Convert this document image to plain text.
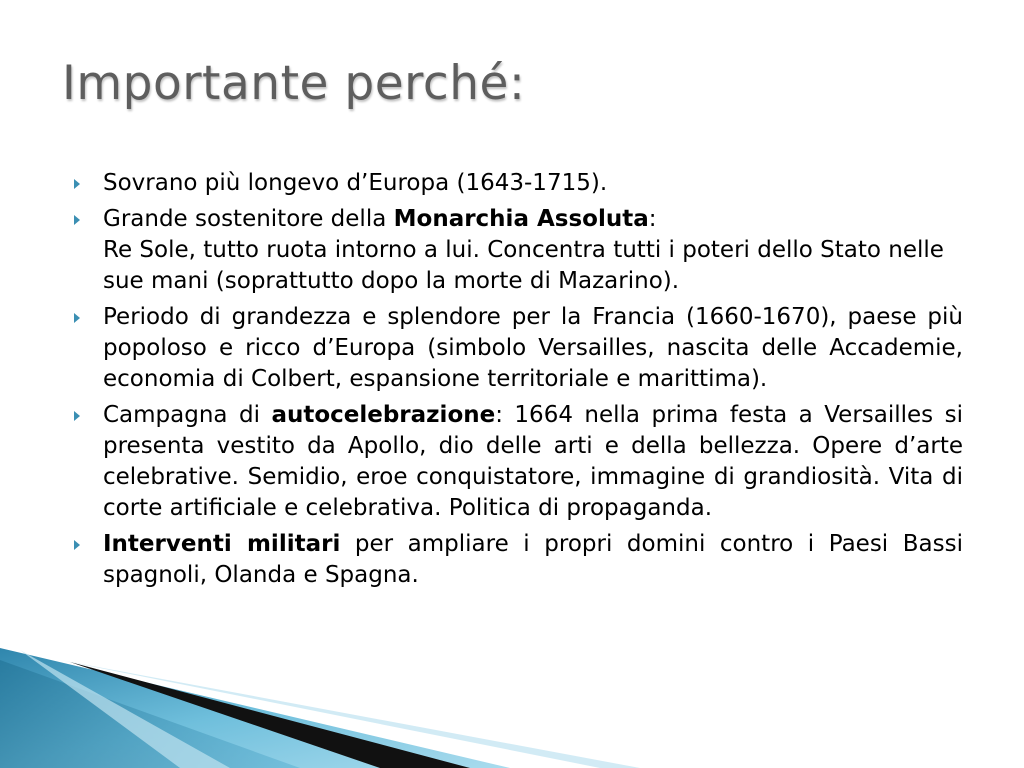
Importante perché:
Sovrano più longevo d’Europa (1643-1715).
Grande sostenitore della Monarchia Assoluta:
Re Sole, tutto ruota intorno a lui. Concentra tutti i poteri dello Stato nelle sue mani (soprattutto dopo la morte di Mazarino).
Periodo di grandezza e splendore per la Francia (1660-1670), paese più popoloso e ricco d’Europa (simbolo Versailles, nascita delle Accademie, economia di Colbert, espansione territoriale e marittima).
Campagna di autocelebrazione: 1664 nella prima festa a Versailles si presenta vestito da Apollo, dio delle arti e della bellezza. Opere d’arte celebrative. Semidio, eroe conquistatore, immagine di grandiosità. Vita di corte artificiale e celebrativa. Politica di propaganda.
Interventi militari per ampliare i propri domini contro i Paesi Bassi spagnoli, Olanda e Spagna.
